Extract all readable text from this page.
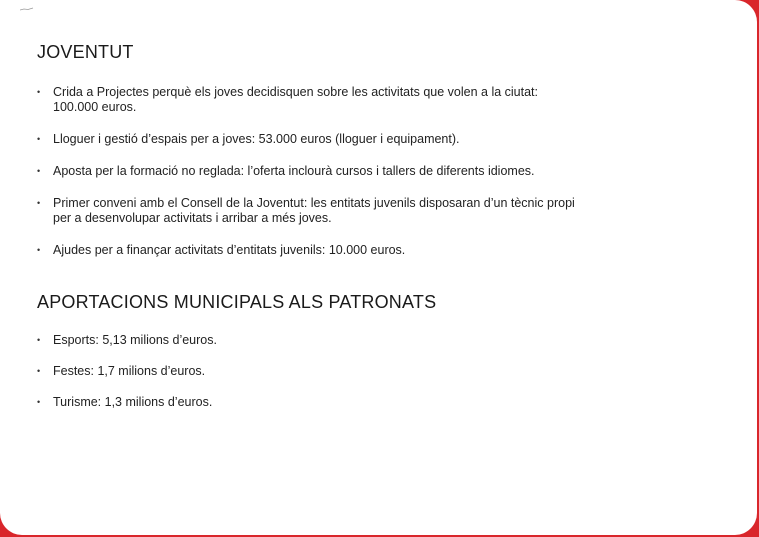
JOVENTUT
• Crida a Projectes perquè els joves decidisquen sobre les activitats que volen a la ciutat: 100.000 euros.
• Lloguer i gestió d’espais per a joves: 53.000 euros (lloguer i equipament).
• Aposta per la formació no reglada: l’oferta inclourà cursos i tallers de diferents idiomes.
• Primer conveni amb el Consell de la Joventut: les entitats juvenils disposaran d’un tècnic propi per a desenvolupar activitats i arribar a més joves.
• Ajudes per a finançar activitats d’entitats juvenils: 10.000 euros.
APORTACIONS MUNICIPALS ALS PATRONATS
• Esports: 5,13 milions d’euros.
• Festes: 1,7 milions d’euros.
• Turisme: 1,3 milions d’euros.
